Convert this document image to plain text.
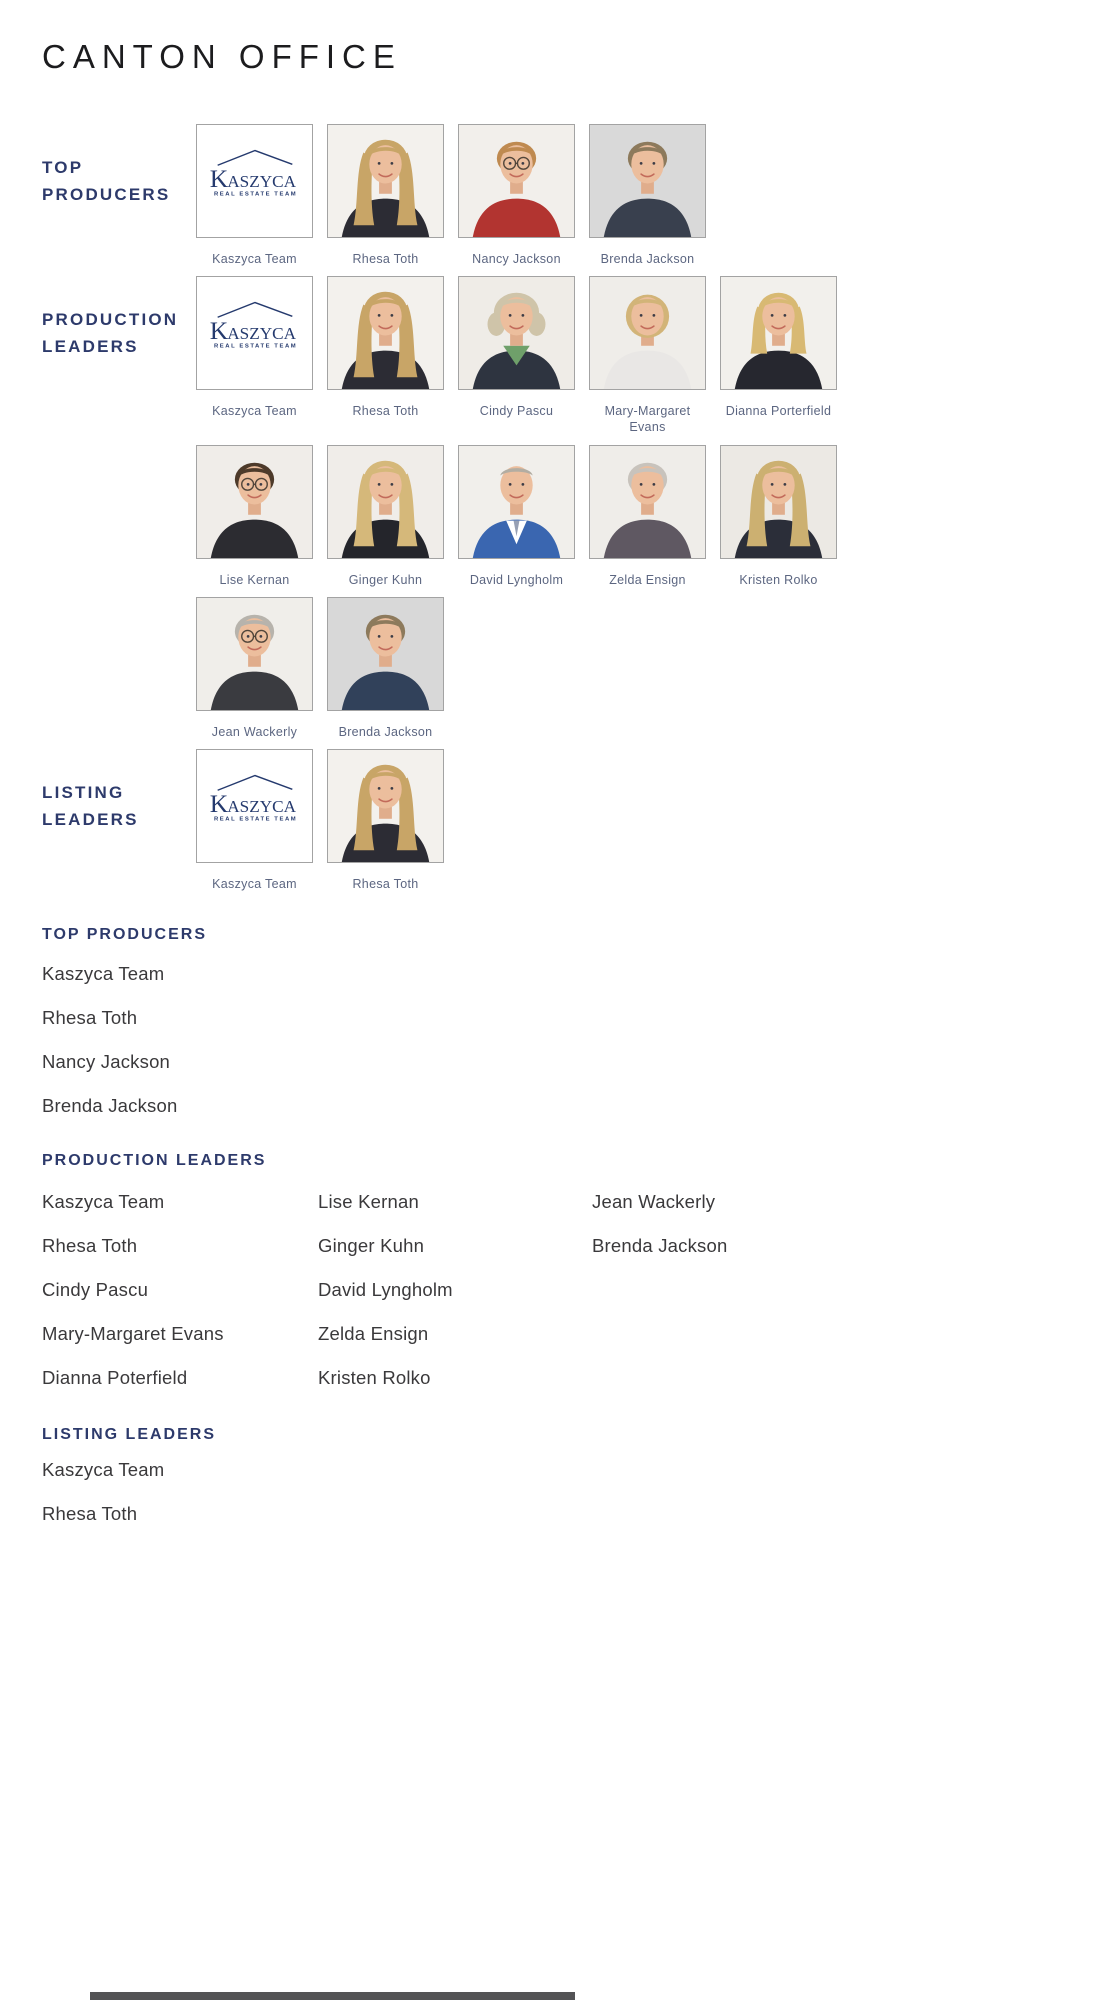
CANTON OFFICE
TOP PRODUCERS
KASZYCA
REAL ESTATE TEAM
Kaszyca Team	Rhesa Toth	Nancy Jackson	Brenda Jackson
PRODUCTION LEADERS
KASZYCA
REAL ESTATE TEAM
Kaszyca Team	Rhesa Toth	Cindy Pascu	Mary-Margaret Evans
Dianna Porterfield
Lise Kernan	Ginger Kuhn	David Lyngholm	Zelda Ensign	Kristen Rolko
Jean Wackerly	Brenda Jackson
LISTING LEADERS
KASZYCA
REAL ESTATE TEAM
Kaszyca Team	Rhesa Toth
TOP PRODUCERS
Kaszyca Team
Rhesa Toth
Nancy Jackson
Brenda Jackson
PRODUCTION LEADERS
Kaszyca Team
Rhesa Toth
Cindy Pascu
Mary-Margaret Evans
Dianna Poterfield
Lise Kernan
Ginger Kuhn
David Lyngholm
Zelda Ensign
Kristen Rolko
Jean Wackerly
Brenda Jackson
LISTING LEADERS
Kaszyca Team
Rhesa Toth
